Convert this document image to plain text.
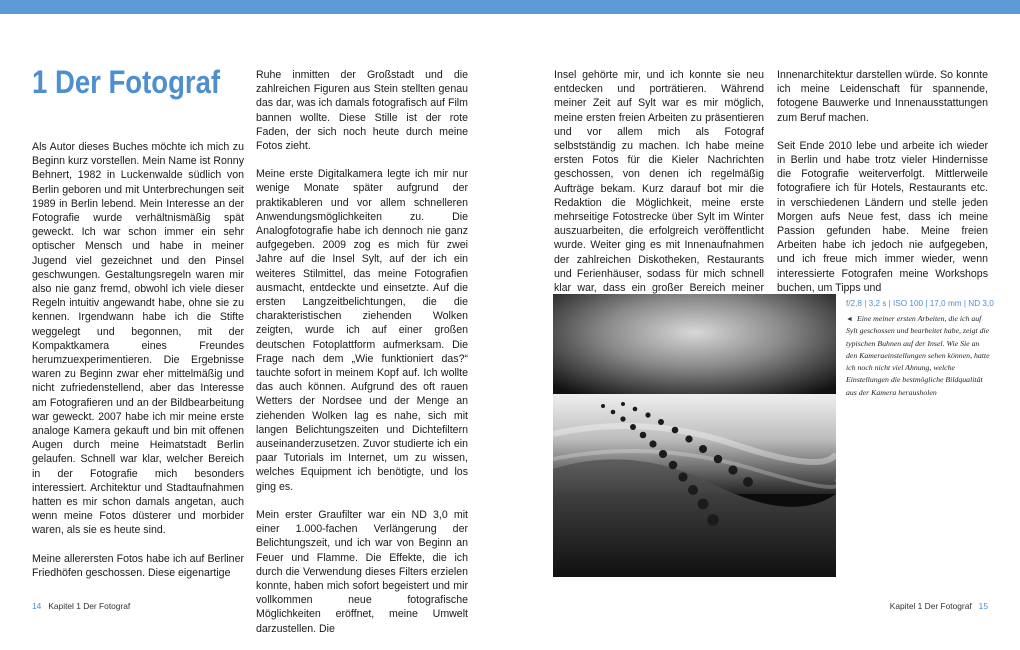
1 Der Fotograf

Als Autor dieses Buches möchte ich mich zu Beginn kurz vorstellen. Mein Name ist Ronny Behnert, 1982 in Luckenwalde südlich von Berlin geboren und mit Unterbrechungen seit 1989 in Berlin lebend. Mein Interesse an der Fotografie wurde verhältnismäßig spät geweckt. Ich war schon immer ein sehr optischer Mensch und habe in meiner Jugend viel gezeichnet und den Pinsel geschwungen. Gestaltungsregeln waren mir also nie ganz fremd, obwohl ich viele dieser Regeln intuitiv angewandt habe, ohne sie zu kennen. Irgendwann habe ich die Stifte weggelegt und begonnen, mit der Kompaktkamera eines Freundes herumzuexperimentieren. Die Ergebnisse waren zu Beginn zwar eher mittelmäßig und nicht zufriedenstellend, aber das Interesse am Fotografieren und an der Bildbearbeitung war geweckt. 2007 habe ich mir meine erste analoge Kamera gekauft und bin mit offenen Augen durch meine Heimatstadt Berlin gelaufen. Schnell war klar, welcher Bereich in der Fotografie mich besonders interessiert. Architektur und Stadtaufnahmen hatten es mir schon damals angetan, auch wenn meine Fotos düsterer und morbider waren, als sie es heute sind.

Meine allerersten Fotos habe ich auf Berliner Friedhöfen geschossen. Diese eigenartige

Ruhe inmitten der Großstadt und die zahlreichen Figuren aus Stein stellten genau das dar, was ich damals fotografisch auf Film bannen wollte. Diese Stille ist der rote Faden, der sich noch heute durch meine Fotos zieht.

Meine erste Digitalkamera legte ich mir nur wenige Monate später aufgrund der praktikableren und vor allem schnelleren Anwendungsmöglichkeiten zu. Die Analogfotografie habe ich dennoch nie ganz aufgegeben. 2009 zog es mich für zwei Jahre auf die Insel Sylt, auf der ich ein weiteres Stilmittel, das meine Fotografien ausmacht, entdeckte und einsetzte. Auf die ersten Langzeitbelichtungen, die die charakteristischen ziehenden Wolken zeigten, wurde ich auf einer großen deutschen Fotoplattform aufmerksam. Die Frage nach dem „Wie funktioniert das?“ tauchte sofort in meinem Kopf auf. Ich wollte das auch können. Aufgrund des oft rauen Wetters der Nordsee und der Menge an ziehenden Wolken lag es nahe, sich mit langen Belichtungszeiten und Dichtefiltern auseinanderzusetzen. Zuvor studierte ich ein paar Tutorials im Internet, um zu wissen, welches Equipment ich benötigte, und los ging es.

Mein erster Graufilter war ein ND 3,0 mit einer 1.000-fachen Verlängerung der Belichtungszeit, und ich war von Beginn an Feuer und Flamme. Die Effekte, die ich durch die Verwendung dieses Filters erzielen konnte, haben mich sofort begeistert und mir vollkommen neue fotografische Möglichkeiten eröffnet, meine Umwelt darzustellen. Die

Insel gehörte mir, und ich konnte sie neu entdecken und porträtieren. Während meiner Zeit auf Sylt war es mir möglich, meine ersten freien Arbeiten zu präsentieren und vor allem mich als Fotograf selbstständig zu machen. Ich habe meine ersten Fotos für die Kieler Nachrichten geschossen, von denen ich regelmäßig Aufträge bekam. Kurz darauf bot mir die Redaktion die Möglichkeit, meine erste mehrseitige Fotostrecke über Sylt im Winter auszuarbeiten, die erfolgreich veröffentlicht wurde. Weiter ging es mit Innenaufnahmen der zahlreichen Diskotheken, Restaurants und Ferienhäuser, sodass für mich schnell klar war, dass ein großer Bereich meiner

Innenarchitektur darstellen würde. So konnte ich meine Leidenschaft für spannende, fotogene Bauwerke und Innenausstattungen zum Beruf machen.

Seit Ende 2010 lebe und arbeite ich wieder in Berlin und habe trotz vieler Hindernisse die Fotografie weiterverfolgt. Mittlerweile fotografiere ich für Hotels, Restaurants etc. in verschiedenen Ländern und stelle jeden Morgen aufs Neue fest, dass ich meine Passion gefunden habe. Meine freien Arbeiten habe ich jedoch nie aufgegeben, und ich freue mich immer wieder, wenn interessierte Fotografen meine Workshops buchen, um Tipps und

f/2,8 | 3,2 s | ISO 100 | 17,0 mm | ND 3,0
◄ Eine meiner ersten Arbeiten, die ich auf Sylt geschossen und bearbeitet habe, zeigt die typischen Buhnen auf der Insel. Wie Sie an den Kameraeinstellungen sehen können, hatte ich noch nicht viel Ahnung, welche Einstellungen die bestmögliche Bildqualität aus der Kamera herausholen
14 Kapitel 1 Der Fotograf	Kapitel 1 Der Fotograf 15
